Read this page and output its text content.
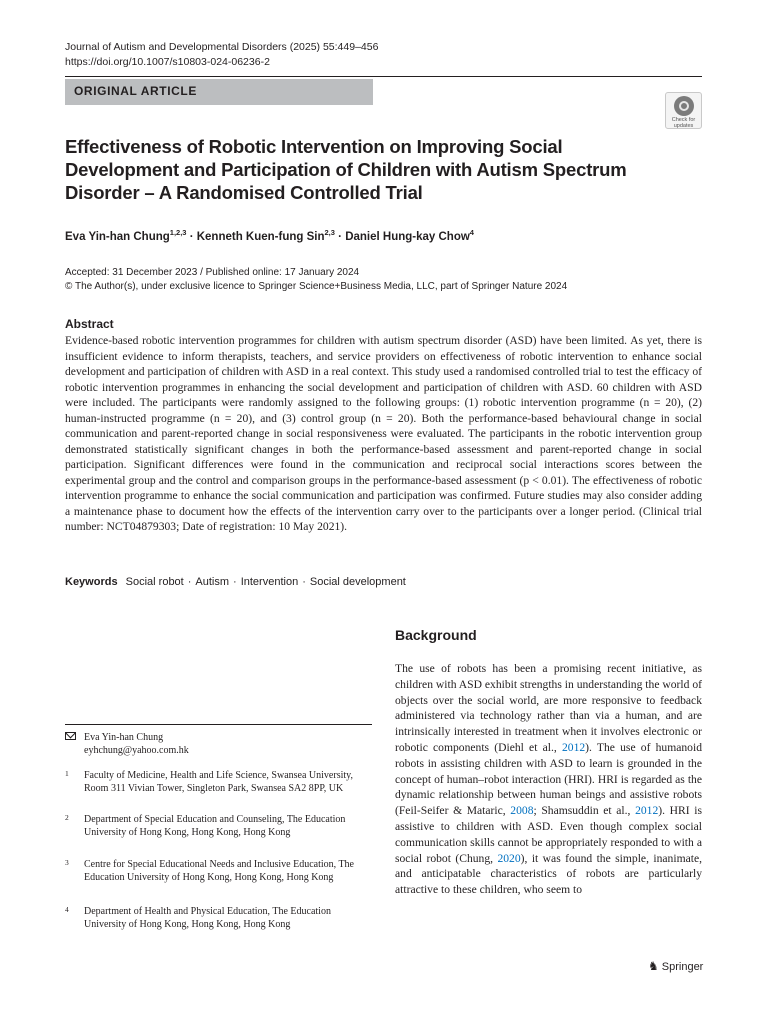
Journal of Autism and Developmental Disorders (2025) 55:449–456
https://doi.org/10.1007/s10803-024-06236-2
ORIGINAL ARTICLE
Check for
updates
Effectiveness of Robotic Intervention on Improving Social Development and Participation of Children with Autism Spectrum Disorder – A Randomised Controlled Trial
Eva Yin-han Chung$^{1,2,3}$ · Kenneth Kuen-fung Sin$^{2,3}$ · Daniel Hung-kay Chow$^4$
Accepted: 31 December 2023 / Published online: 17 January 2024
© The Author(s), under exclusive licence to Springer Science+Business Media, LLC, part of Springer Nature 2024
Abstract
Evidence-based robotic intervention programmes for children with autism spectrum disorder (ASD) have been limited. As yet, there is insufficient evidence to inform therapists, teachers, and service providers on effectiveness of robotic intervention to enhance social development and participation of children with ASD in a real context. This study used a randomised controlled trial to test the efficacy of robotic intervention programmes in enhancing the social development and participation of children with ASD. 60 children with ASD were included. The participants were randomly assigned to the following groups: (1) robotic intervention programme (n = 20), (2) human-instructed programme (n = 20), and (3) control group (n = 20). Both the performance-based behavioural change in social communication and parent-reported change in social responsiveness were evaluated. The participants in the robotic intervention group demonstrated statistically significant changes in both the performance-based assessment and parent-reported change in social participation. Significant differences were found in the communication and reciprocal social interactions scores between the experimental group and the control and comparison groups in the performance-based assessment (p < 0.01). The effectiveness of robotic intervention programme to enhance the social communication and participation was confirmed. Future studies may also consider adding a maintenance phase to document how the effects of the intervention carry over to the participants over a longer period. (Clinical trial number: NCT04879303; Date of registration: 10 May 2021).
Keywords Social robot · Autism · Intervention · Social development
Background
The use of robots has been a promising recent initiative, as children with ASD exhibit strengths in understanding the world of objects over the social world, are more responsive to feedback administered via technology rather than via a human, and are intrinsically interested in treatment when it involves electronic or robotic components (Diehl et al., 2012). The use of humanoid robots in assisting children with ASD to learn is grounded in the concept of human–robot interaction (HRI). HRI is regarded as the dynamic relationship between human beings and assistive robots (Feil-Seifer & Mataric, 2008; Shamsuddin et al., 2012). HRI is assistive to children with ASD. Even though complex social communication skills cannot be appropriately responded to with a social robot (Chung, 2020), it was found the simple, inanimate, and anticipatable characteristics of robots are particularly attractive to these children, who seem to
Eva Yin-han Chung
eyhchung@yahoo.com.hk
1 Faculty of Medicine, Health and Life Science, Swansea University, Room 311 Vivian Tower, Singleton Park, Swansea SA2 8PP, UK
2 Department of Special Education and Counseling, The Education University of Hong Kong, Hong Kong, Hong Kong
3 Centre for Special Educational Needs and Inclusive Education, The Education University of Hong Kong, Hong Kong, Hong Kong
4 Department of Health and Physical Education, The Education University of Hong Kong, Hong Kong, Hong Kong
♞ Springer
